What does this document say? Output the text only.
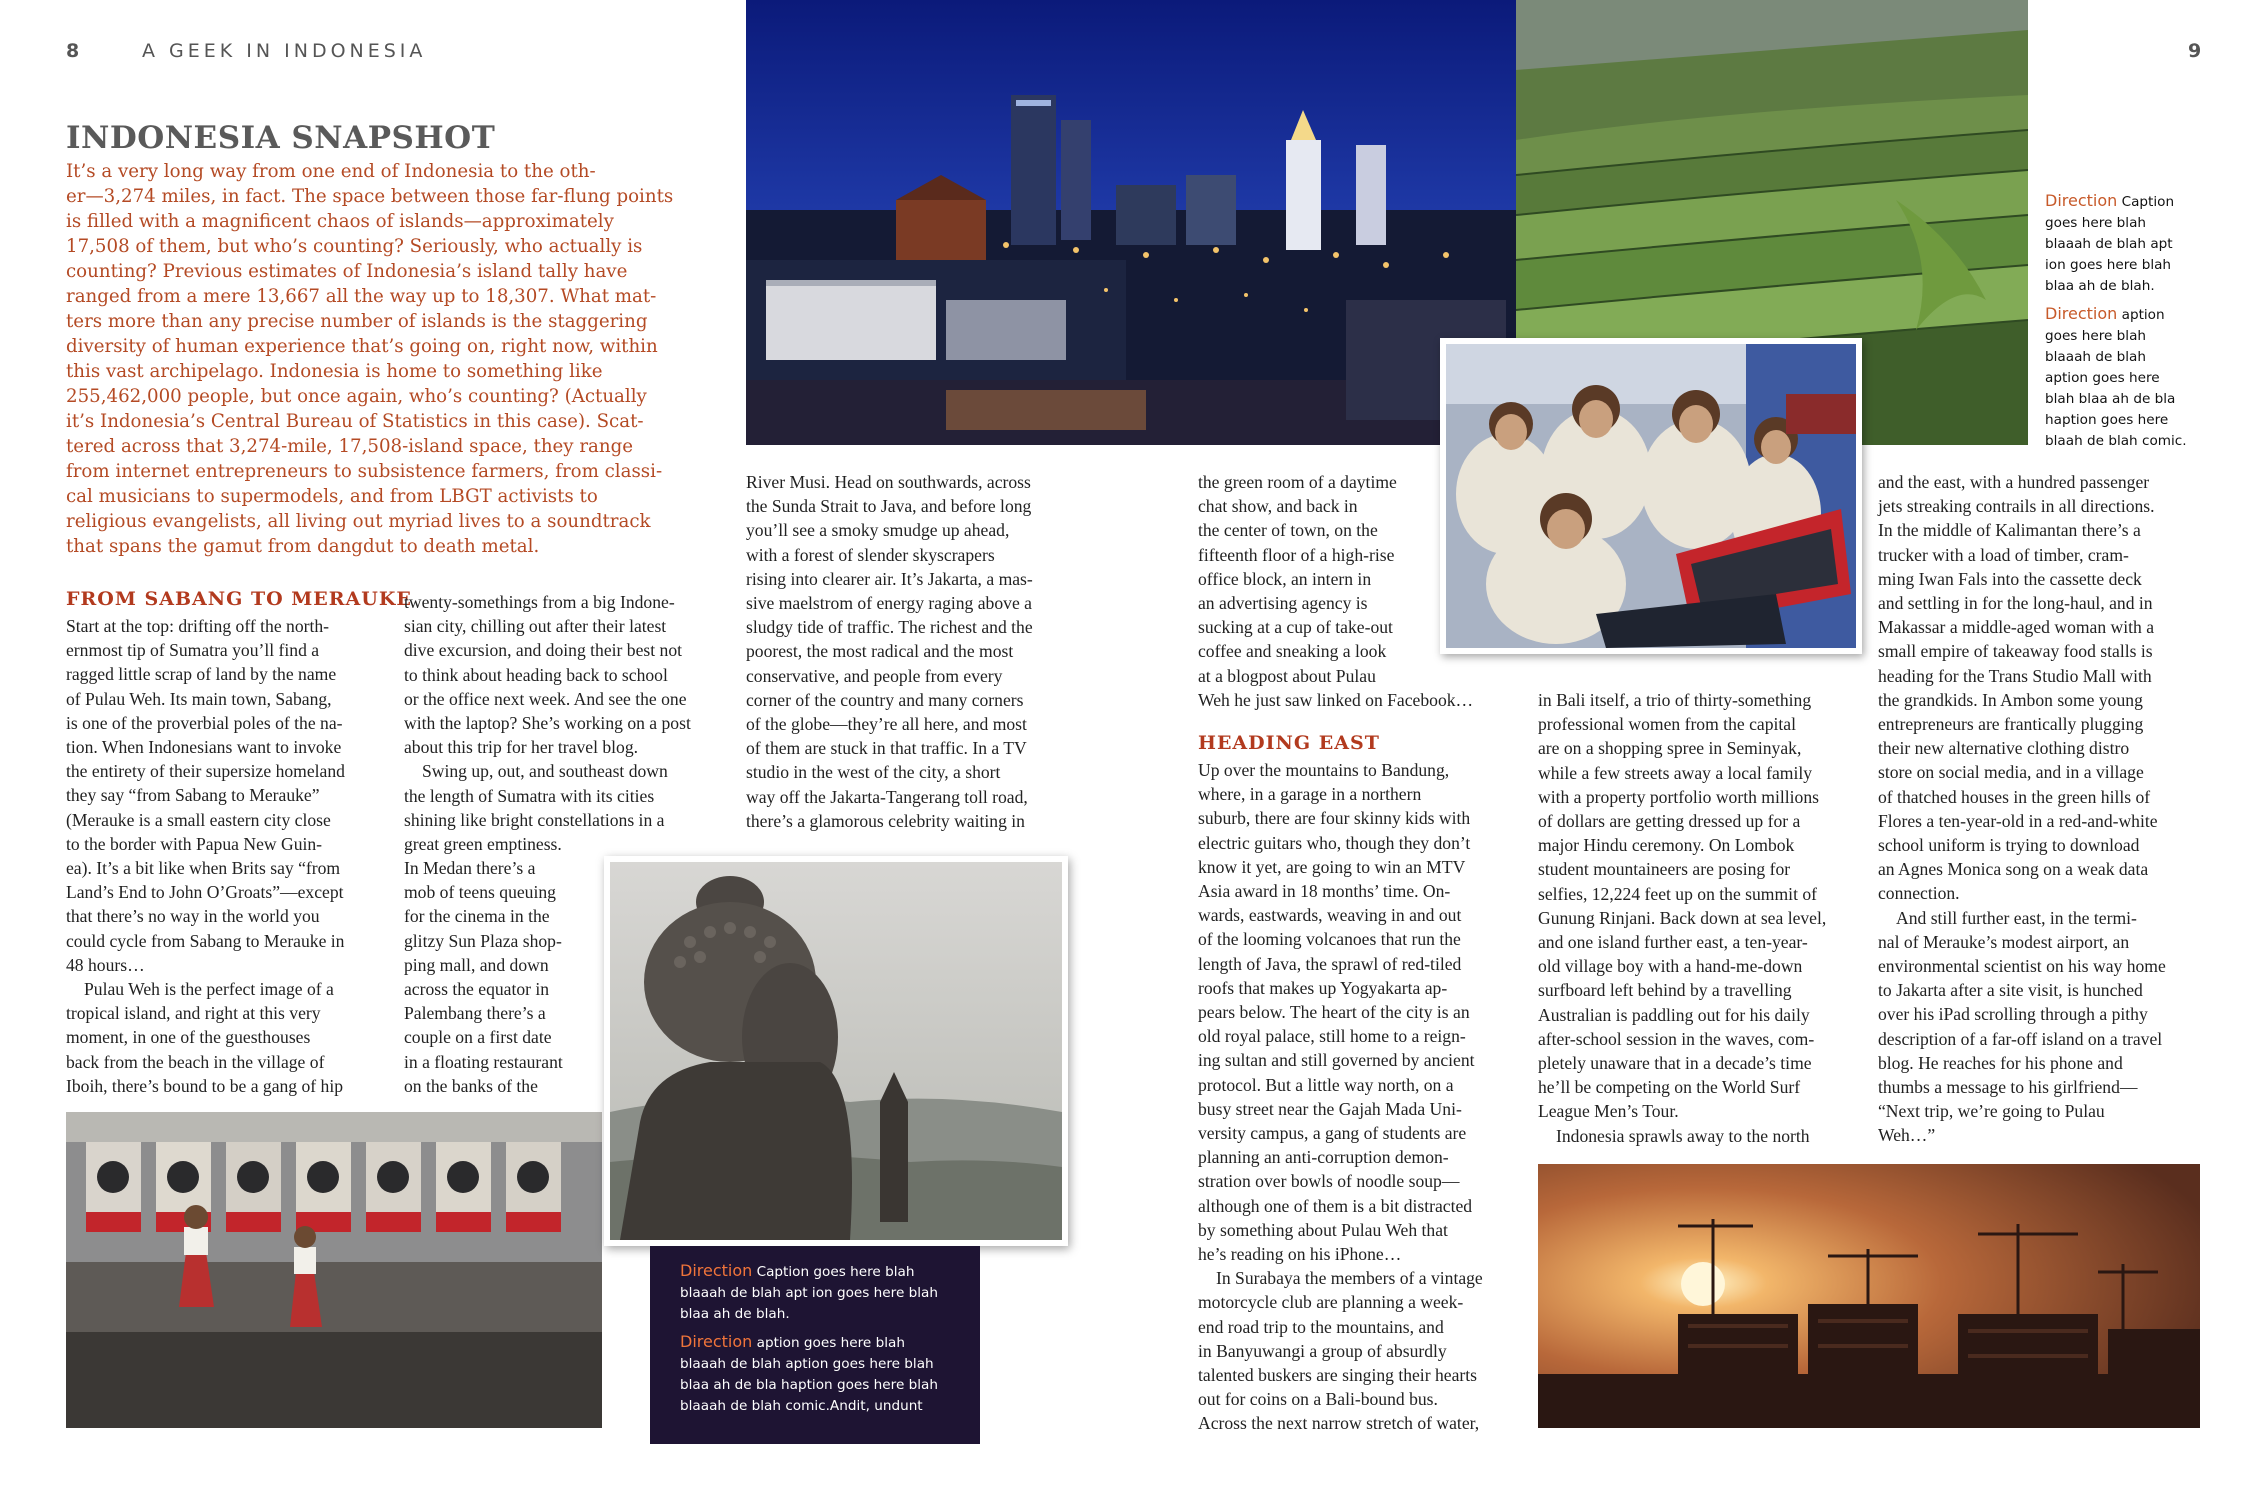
8	A GEEK IN INDONESIA	9
INDONESIA SNAPSHOT
It’s a very long way from one end of Indonesia to the oth-
er—3,274 miles, in fact. The space between those far-flung points
is filled with a magnificent chaos of islands—approximately
17,508 of them, but who’s counting? Seriously, who actually is
counting? Previous estimates of Indonesia’s island tally have
ranged from a mere 13,667 all the way up to 18,307. What mat-
ters more than any precise number of islands is the staggering
diversity of human experience that’s going on, right now, within
this vast archipelago. Indonesia is home to something like
255,462,000 people, but once again, who’s counting? (Actually
it’s Indonesia’s Central Bureau of Statistics in this case). Scat-
tered across that 3,274-mile, 17,508-island space, they range
from internet entrepreneurs to subsistence farmers, from classi-
cal musicians to supermodels, and from LBGT activists to
religious evangelists, all living out myriad lives to a soundtrack
that spans the gamut from dangdut to death metal.
FROM SABANG TO MERAUKE

Start at the top: drifting off the north-

ernmost tip of Sumatra you’ll find a

ragged little scrap of land by the name

of Pulau Weh. Its main town, Sabang,

is one of the proverbial poles of the na-

tion. When Indonesians want to invoke

the entirety of their supersize homeland

they say “from Sabang to Merauke”

(Merauke is a small eastern city close

to the border with Papua New Guin-

ea). It’s a bit like when Brits say “from

Land’s End to John O’Groats”—except

that there’s no way in the world you

could cycle from Sabang to Merauke in

48 hours…

Pulau Weh is the perfect image of a

tropical island, and right at this very

moment, in one of the guesthouses

back from the beach in the village of

Iboih, there’s bound to be a gang of hip

twenty-somethings from a big Indone-

sian city, chilling out after their latest

dive excursion, and doing their best not

to think about heading back to school

or the office next week. And see the one

with the laptop? She’s working on a post

about this trip for her travel blog.

Swing up, out, and southeast down

the length of Sumatra with its cities

shining like bright constellations in a

great green emptiness.

In Medan there’s a

mob of teens queuing

for the cinema in the

glitzy Sun Plaza shop-

ping mall, and down

across the equator in

Palembang there’s a

couple on a first date

in a floating restaurant

on the banks of the

River Musi. Head on southwards, across

the Sunda Strait to Java, and before long

you’ll see a smoky smudge up ahead,

with a forest of slender skyscrapers

rising into clearer air. It’s Jakarta, a mas-

sive maelstrom of energy raging above a

sludgy tide of traffic. The richest and the

poorest, the most radical and the most

conservative, and people from every

corner of the country and many corners

of the globe—they’re all here, and most

of them are stuck in that traffic. In a TV

studio in the west of the city, a short

way off the Jakarta-Tangerang toll road,

there’s a glamorous celebrity waiting in

the green room of a daytime

chat show, and back in

the center of town, on the

fifteenth floor of a high-rise

office block, an intern in

an advertising agency is

sucking at a cup of take-out

coffee and sneaking a look

at a blogpost about Pulau

Weh he just saw linked on Facebook…

HEADING EAST

Up over the mountains to Bandung,

where, in a garage in a northern

suburb, there are four skinny kids with

electric guitars who, though they don’t

know it yet, are going to win an MTV

Asia award in 18 months’ time. On-

wards, eastwards, weaving in and out

of the looming volcanoes that run the

length of Java, the sprawl of red-tiled

roofs that makes up Yogyakarta ap-

pears below. The heart of the city is an

old royal palace, still home to a reign-

ing sultan and still governed by ancient

protocol. But a little way north, on a

busy street near the Gajah Mada Uni-

versity campus, a gang of students are

planning an anti-corruption demon-

stration over bowls of noodle soup—

although one of them is a bit distracted

by something about Pulau Weh that

he’s reading on his iPhone…

In Surabaya the members of a vintage

motorcycle club are planning a week-

end road trip to the mountains, and

in Banyuwangi a group of absurdly

talented buskers are singing their hearts

out for coins on a Bali-bound bus.

Across the next narrow stretch of water,

in Bali itself, a trio of thirty-something

professional women from the capital

are on a shopping spree in Seminyak,

while a few streets away a local family

with a property portfolio worth millions

of dollars are getting dressed up for a

major Hindu ceremony. On Lombok

student mountaineers are posing for

selfies, 12,224 feet up on the summit of

Gunung Rinjani. Back down at sea level,

and one island further east, a ten-year-

old village boy with a hand-me-down

surfboard left behind by a travelling

Australian is paddling out for his daily

after-school session in the waves, com-

pletely unaware that in a decade’s time

he’ll be competing on the World Surf

League Men’s Tour.

Indonesia sprawls away to the north

and the east, with a hundred passenger

jets streaking contrails in all directions.

In the middle of Kalimantan there’s a

trucker with a load of timber, cram-

ming Iwan Fals into the cassette deck

and settling in for the long-haul, and in

Makassar a middle-aged woman with a

small empire of takeaway food stalls is

heading for the Trans Studio Mall with

the grandkids. In Ambon some young

entrepreneurs are frantically plugging

their new alternative clothing distro

store on social media, and in a village

of thatched houses in the green hills of

Flores a ten-year-old in a red-and-white

school uniform is trying to download

an Agnes Monica song on a weak data

connection.

And still further east, in the termi-

nal of Merauke’s modest airport, an

environmental scientist on his way home

to Jakarta after a site visit, is hunched

over his iPad scrolling through a pithy

description of a far-off island on a travel

blog. He reaches for his phone and

thumbs a message to his girlfriend—

“Next trip, we’re going to Pulau

Weh…”

Direction Caption
goes here blah
blaaah de blah apt
ion goes here blah
blaa ah de blah.

Direction aption
goes here blah
blaaah de blah
aption goes here
blah blaa ah de bla
haption goes here
blaah de blah comic.

Direction Caption goes here blah
blaaah de blah apt ion goes here blah
blaa ah de blah.

Direction aption goes here blah
blaaah de blah aption goes here blah
blaa ah de bla haption goes here blah
blaaah de blah comic.Andit, undunt
